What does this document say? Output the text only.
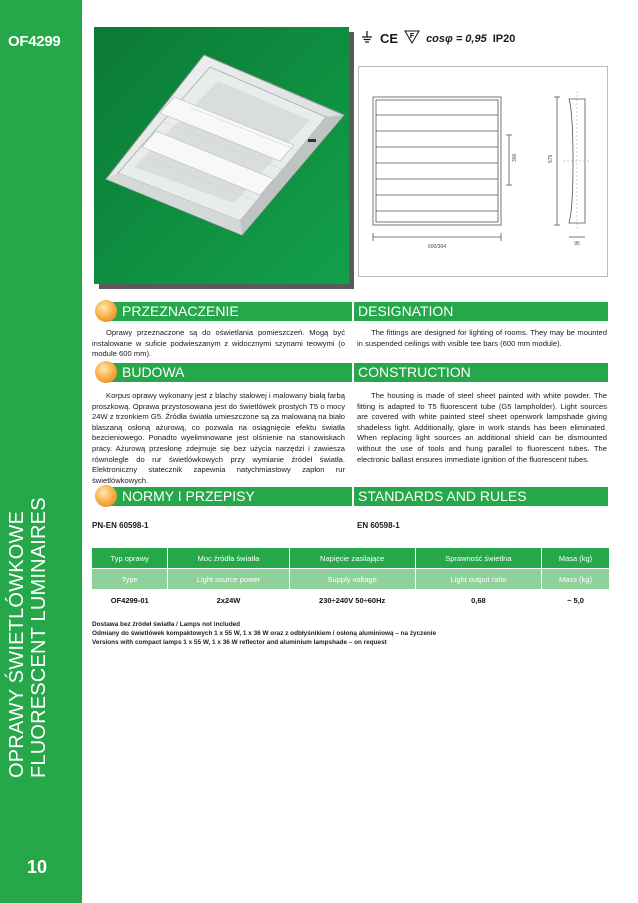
OF4299
OPRAWY ŚWIETLÓWKOWE FLUORESCENT LUMINAIRES
10
CE F cosφ = 0,95 IP20
600/304
300	575
95
PRZEZNACZENIE	DESIGNATION
Oprawy przeznaczone są do oświetlania pomieszczeń. Mogą być instalowane w suficie podwieszanym z widocznymi szynami teowymi (o module 600 mm).
The fittings are designed for lighting of rooms. They may be mounted in suspended ceilings with visible tee bars (600 mm module).
BUDOWA	CONSTRUCTION
Korpus oprawy wykonany jest z blachy stalowej i malowany białą farbą proszkową. Oprawa przystosowana jest do świetlówek prostych T5 o mocy 24W z trzonkiem G5. Źródła światła umieszczone są za malowaną na biało blaszaną osłoną ażurową, co pozwala na osiągnięcie efektu światła bezcieniowego. Ponadto wyeliminowane jest olśnienie na stanowiskach pracy. Ażurową przesłonę zdejmuje się bez użycia narzędzi i zawiesza równolegle do rur świetlówkowych przy wymianie źródeł światła. Elektroniczny statecznik zapewnia natychmiastowy zapłon rur świetlówkowych.
The housing is made of steel sheet painted with white powder. The fitting is adapted to T5 fluorescent tube (G5 lampholder). Light sources are covered with white painted steel sheet openwork lampshade giving shadeless light. Additionally, glare in work stands has been eliminated. When replacing light sources an additional shield can be dismounted without the use of tools and hung parallel to fluorescent tubes. The electronic ballast ensures immediate ignition of the fluorescent tubes.
NORMY I PRZEPISY	STANDARDS AND RULES
PN-EN 60598-1	EN 60598-1
Typ oprawy	Moc źródła światła	Napięcie zasilające	Sprawność świetlna	Masa (kg)
Type	Light source power	Supply voltage	Light output ratio	Mass (kg)
OF4299-01	2x24W	230÷240V 50÷60Hz	0,68	~ 5,0
Dostawa bez źródeł światła / Lamps not included
Odmiany do świetlówek kompaktowych 1 x 55 W, 1 x 36 W oraz z odbłyśnikiem i osłoną aluminiową – na życzenie
Versions with compact lamps 1 x 55 W, 1 x 36 W reflector and aluminium lampshade – on request
